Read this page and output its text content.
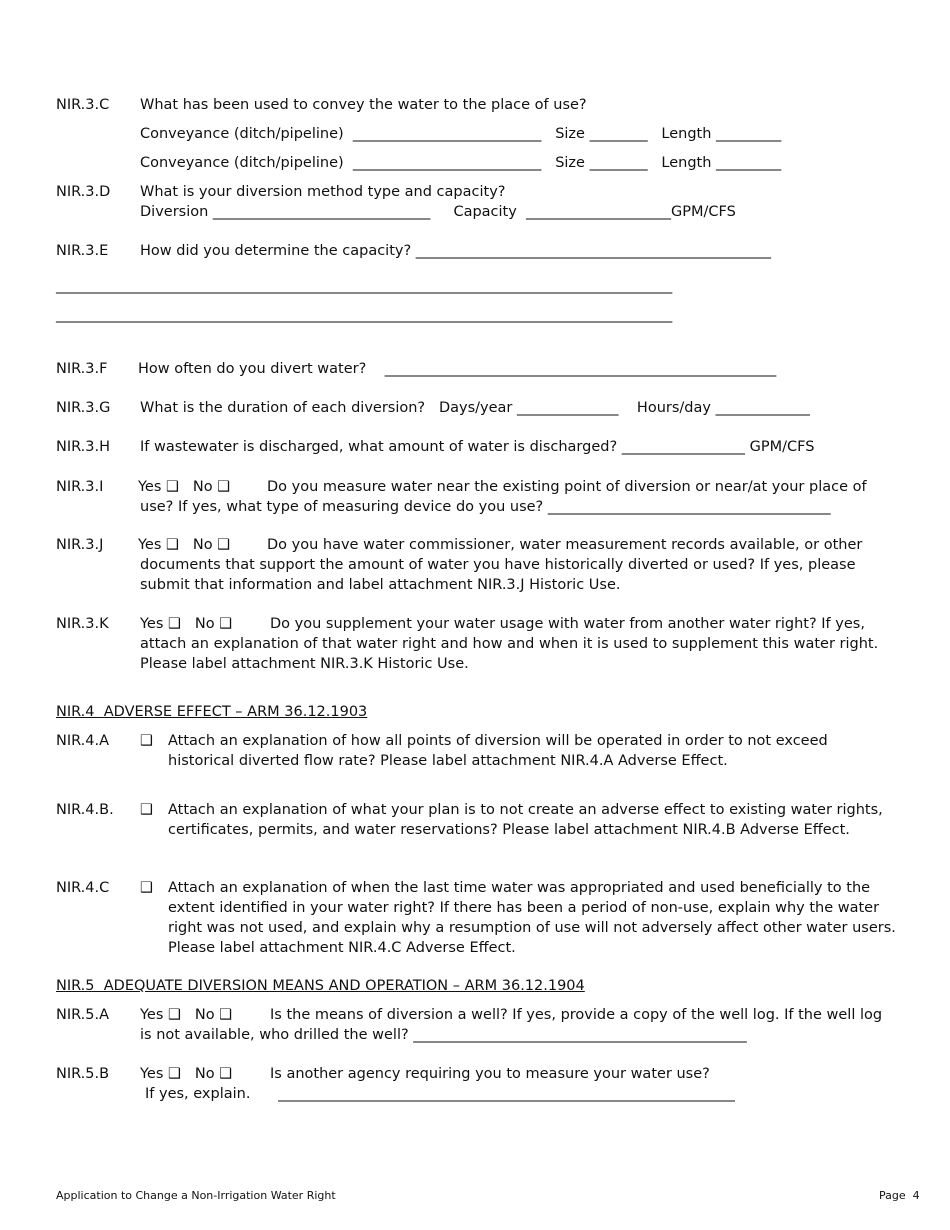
NIR.3.C What has been used to convey the water to the place of use?
Conveyance (ditch/pipeline)  __________________________   Size ________   Length _________
Conveyance (ditch/pipeline)  __________________________   Size ________   Length _________
NIR.3.D What is your diversion method type and capacity?
Diversion ______________________________     Capacity  ____________________GPM/CFS
NIR.3.E How did you determine the capacity? _________________________________________________
_____________________________________________________________________________________
_____________________________________________________________________________________
NIR.3.F How often do you divert water?    ______________________________________________________
NIR.3.G What is the duration of each diversion?   Days/year ______________    Hours/day _____________
NIR.3.H If wastewater is discharged, what amount of water is discharged? _________________ GPM/CFS
NIR.3.I Yes ❑   No ❑	Do you measure water near the existing point of diversion or near/at your place of use? If yes, what type of measuring device do you use? _______________________________________
NIR.3.J Yes ❑   No ❑	Do you have water commissioner, water measurement records available, or other documents that support the amount of water you have historically diverted or used? If yes, please submit that information and label attachment NIR.3.J Historic Use.
NIR.3.K Yes ❑   No ❑	Do you supplement your water usage with water from another water right? If yes, attach an explanation of that water right and how and when it is used to supplement this water right. Please label attachment NIR.3.K Historic Use.
NIR.4  ADVERSE EFFECT – ARM 36.12.1903
NIR.4.A ❑ Attach an explanation of how all points of diversion will be operated in order to not exceed historical diverted flow rate? Please label attachment NIR.4.A Adverse Effect.
NIR.4.B. ❑ Attach an explanation of what your plan is to not create an adverse effect to existing water rights, certificates, permits, and water reservations? Please label attachment NIR.4.B Adverse Effect.
NIR.4.C ❑ Attach an explanation of when the last time water was appropriated and used beneficially to the extent identified in your water right? If there has been a period of non-use, explain why the water right was not used, and explain why a resumption of use will not adversely affect other water users. Please label attachment NIR.4.C Adverse Effect.
NIR.5  ADEQUATE DIVERSION MEANS AND OPERATION – ARM 36.12.1904
NIR.5.A Yes ❑   No ❑	Is the means of diversion a well? If yes, provide a copy of the well log. If the well log is not available, who drilled the well? ______________________________________________
NIR.5.B Yes ❑   No ❑	Is another agency requiring you to measure your water use?
If yes, explain.      _______________________________________________________________
Application to Change a Non-Irrigation Water Right	Page  4
